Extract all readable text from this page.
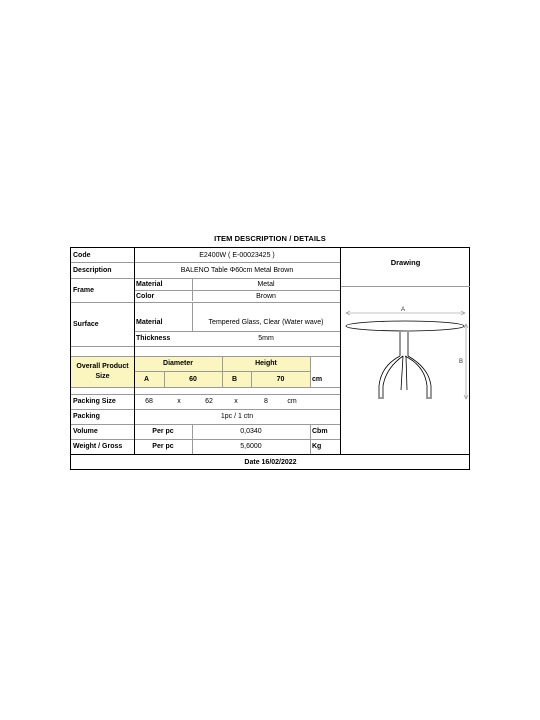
ITEM DESCRIPTION / DETAILS
Code	E2400W ( E-00023425 )
Description	BALENO Table Φ60cm Metal Brown
Frame
Material	Metal
Color	Brown
Surface	Material	Tempered Glass, Clear (Water wave)
Thickness	5mm
Overall Product
Size
Diameter	Height
A	60	B	70	cm
Packing Size	68	x	62	x	8	cm
Packing	1pc / 1 ctn
Volume	Per pc	0,0340	Cbm
Weight / Gross	Per pc	5,6000	Kg
Date 16/02/2022
Drawing
A
B
